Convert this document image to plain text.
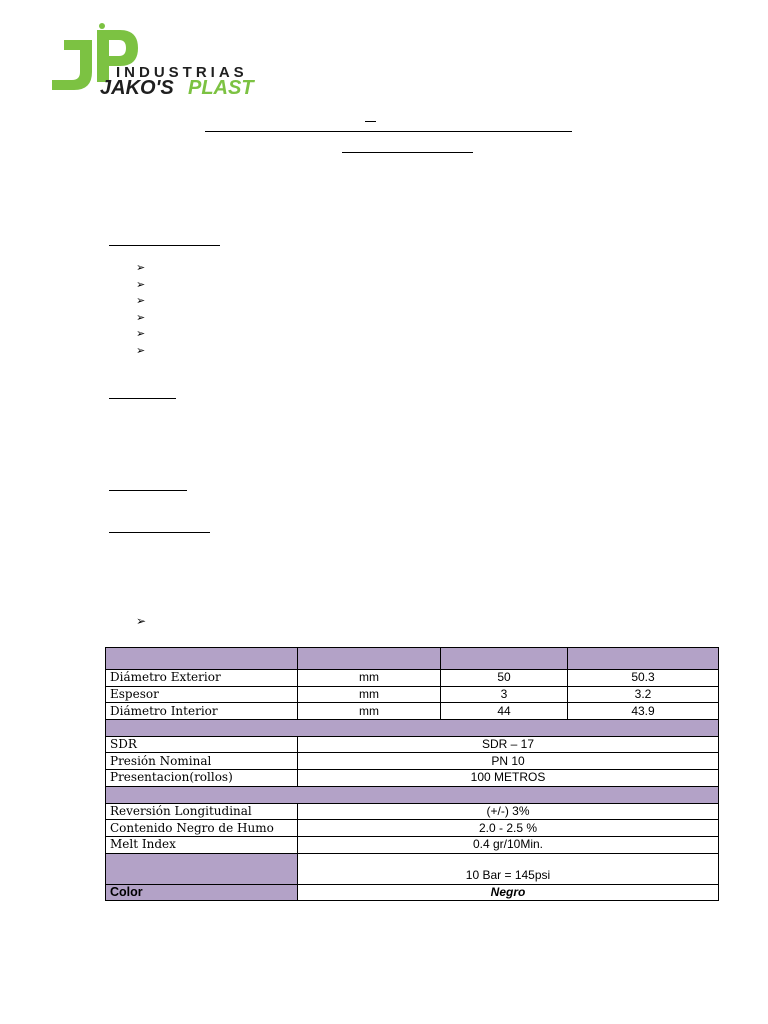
INDUSTRIAS
JAKO'S PLAST
➢
➢
➢
➢
➢
➢
➢

Diámetro Exterior	mm	50	50.3
Espesor	mm	3	3.2
Diámetro Interior	mm	44	43.9

SDR	SDR – 17		
Presión Nominal	PN 10		
Presentacion(rollos)	100 METROS		

Reversión Longitudinal	(+/-) 3%		
Contenido Negro de Humo	2.0 - 2.5 %		
Melt Index	0.4 gr/10Min.		
	10 Bar = 145psi		
Color	Negro		
